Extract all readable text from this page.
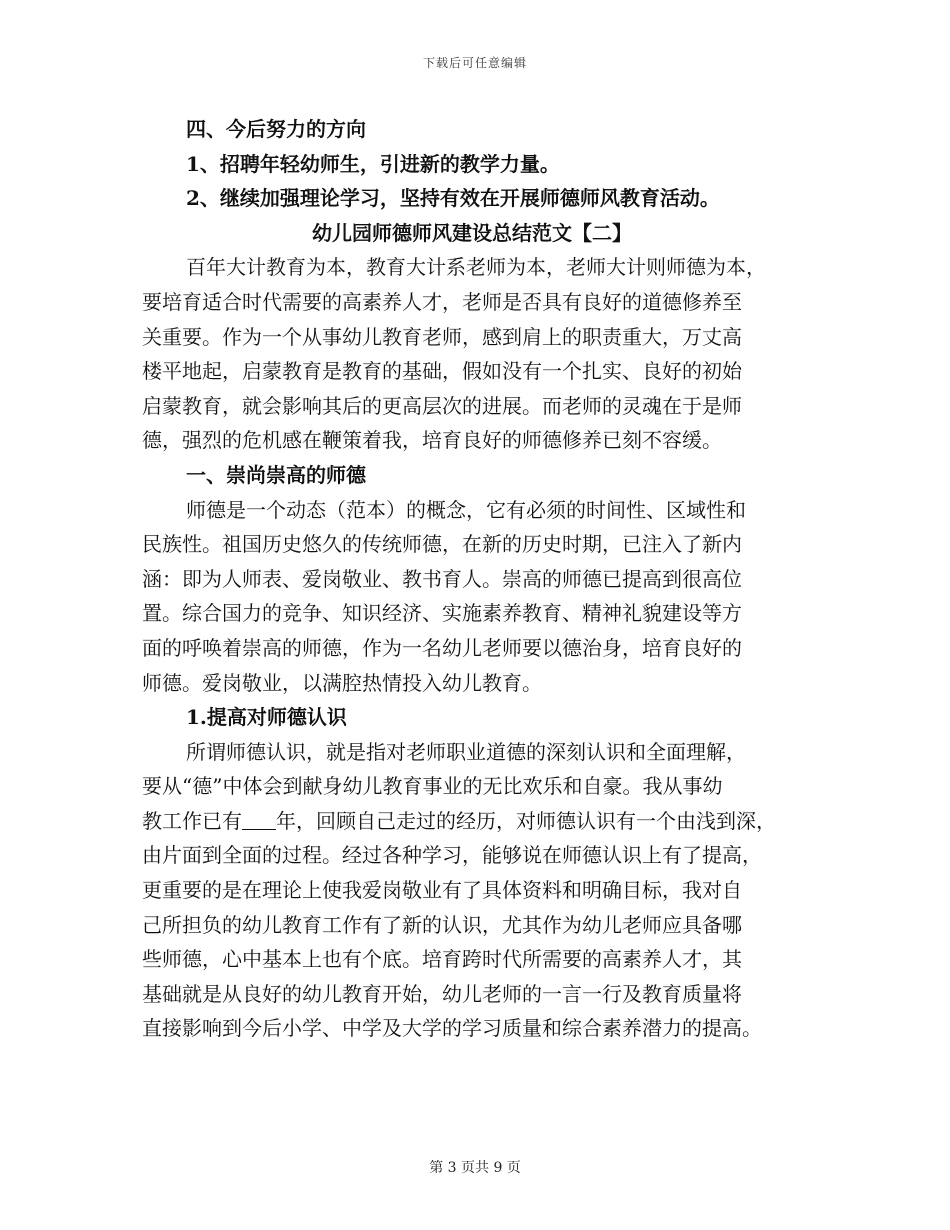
下载后可任意编辑

四、今后努力的方向

1、招聘年轻幼师生，引进新的教学力量。

2、继续加强理论学习，坚持有效在开展师德师风教育活动。

幼儿园师德师风建设总结范文【二】

百年大计教育为本，教育大计系老师为本，老师大计则师德为本，

要培育适合时代需要的高素养人才，老师是否具有良好的道德修养至

关重要。作为一个从事幼儿教育老师，感到肩上的职责重大，万丈高

楼平地起，启蒙教育是教育的基础，假如没有一个扎实、良好的初始

启蒙教育，就会影响其后的更高层次的进展。而老师的灵魂在于是师

德，强烈的危机感在鞭策着我，培育良好的师德修养已刻不容缓。

一、崇尚崇高的师德

师德是一个动态（范本）的概念，它有必须的时间性、区域性和

民族性。祖国历史悠久的传统师德，在新的历史时期，已注入了新内

涵：即为人师表、爱岗敬业、教书育人。崇高的师德已提高到很高位

置。综合国力的竞争、知识经济、实施素养教育、精神礼貌建设等方

面的呼唤着崇高的师德，作为一名幼儿老师要以德治身，培育良好的

师德。爱岗敬业，以满腔热情投入幼儿教育。

1.提高对师德认识

所谓师德认识，就是指对老师职业道德的深刻认识和全面理解，

要从“德”中体会到献身幼儿教育事业的无比欢乐和自豪。我从事幼

教工作已有 年，回顾自己走过的经历，对师德认识有一个由浅到深，

由片面到全面的过程。经过各种学习，能够说在师德认识上有了提高，

更重要的是在理论上使我爱岗敬业有了具体资料和明确目标，我对自

己所担负的幼儿教育工作有了新的认识，尤其作为幼儿老师应具备哪

些师德，心中基本上也有个底。培育跨时代所需要的高素养人才，其

基础就是从良好的幼儿教育开始，幼儿老师的一言一行及教育质量将

直接影响到今后小学、中学及大学的学习质量和综合素养潜力的提高。

第 3 页共 9 页
